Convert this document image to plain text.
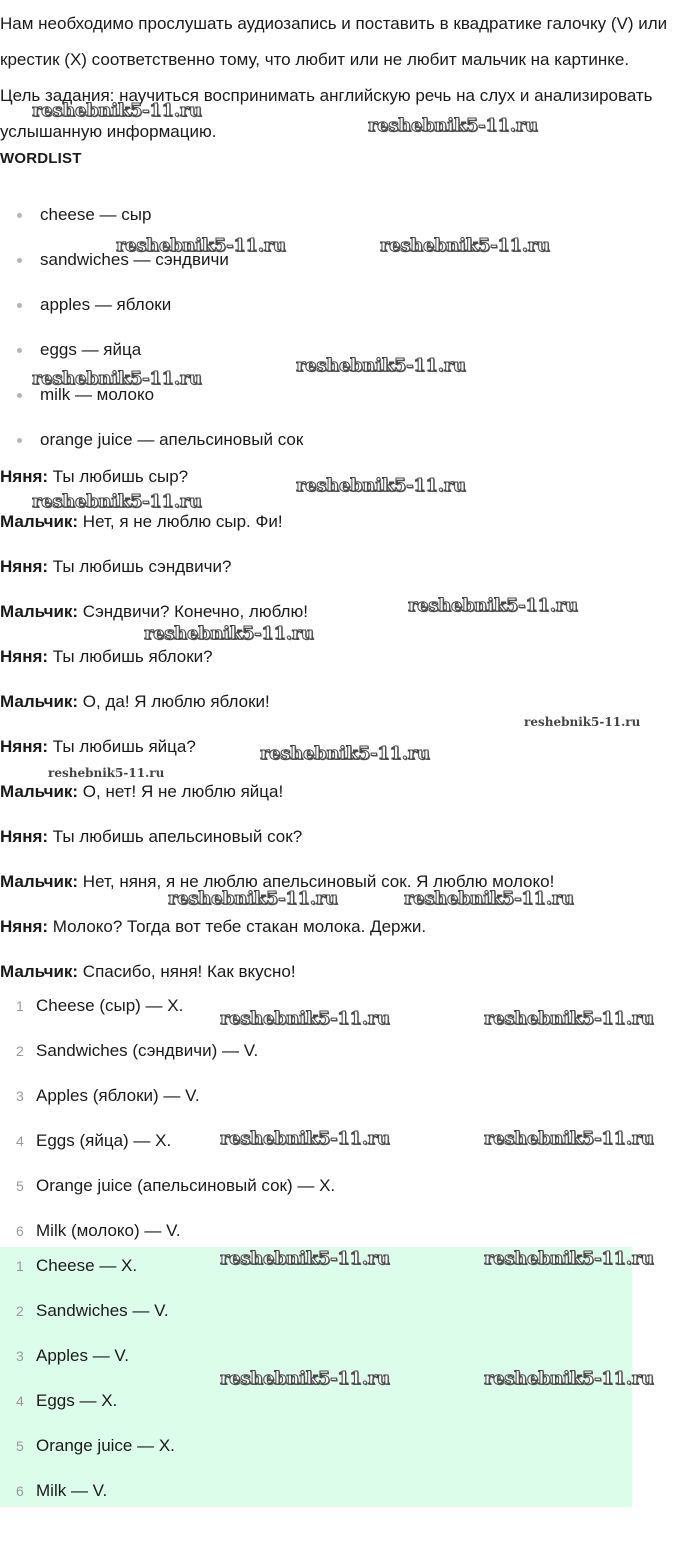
Нам необходимо прослушать аудиозапись и поставить в квадратике галочку (V) или крестик (X) соответственно тому, что любит или не любит мальчик на картинке. Цель задания: научиться воспринимать английскую речь на слух и анализировать услышанную информацию.

WORDLIST

cheese — сыр
sandwiches — сэндвичи
apples — яблоки
eggs — яйца
milk — молоко
orange juice — апельсиновый сок

Няня: Ты любишь сыр?

Мальчик: Нет, я не люблю сыр. Фи!

Няня: Ты любишь сэндвичи?

Мальчик: Сэндвичи? Конечно, люблю!

Няня: Ты любишь яблоки?

Мальчик: О, да! Я люблю яблоки!

Няня: Ты любишь яйца?

Мальчик: О, нет! Я не люблю яйца!

Няня: Ты любишь апельсиновый сок?

Мальчик: Нет, няня, я не люблю апельсиновый сок. Я люблю молоко!

Няня: Молоко? Тогда вот тебе стакан молока. Держи.

Мальчик: Спасибо, няня! Как вкусно!

1 Cheese (сыр) — X.
2 Sandwiches (сэндвичи) — V.
3 Apples (яблоки) — V.
4 Eggs (яйца) — X.
5 Orange juice (апельсиновый сок) — X.
6 Milk (молоко) — V.
1 Cheese — X.
2 Sandwiches — V.
3 Apples — V.
4 Eggs — X.
5 Orange juice — X.
6 Milk — V.
reshebnik5-11.ru
reshebnik5-11.ru
reshebnik5-11.ru	reshebnik5-11.ru
reshebnik5-11.ru
reshebnik5-11.ru
reshebnik5-11.ru
reshebnik5-11.ru
reshebnik5-11.ru
reshebnik5-11.ru
reshebnik5-11.ru
reshebnik5-11.ru
reshebnik5-11.ru
reshebnik5-11.ru	reshebnik5-11.ru
reshebnik5-11.ru	reshebnik5-11.ru
reshebnik5-11.ru	reshebnik5-11.ru
reshebnik5-11.ru	reshebnik5-11.ru
reshebnik5-11.ru	reshebnik5-11.ru
